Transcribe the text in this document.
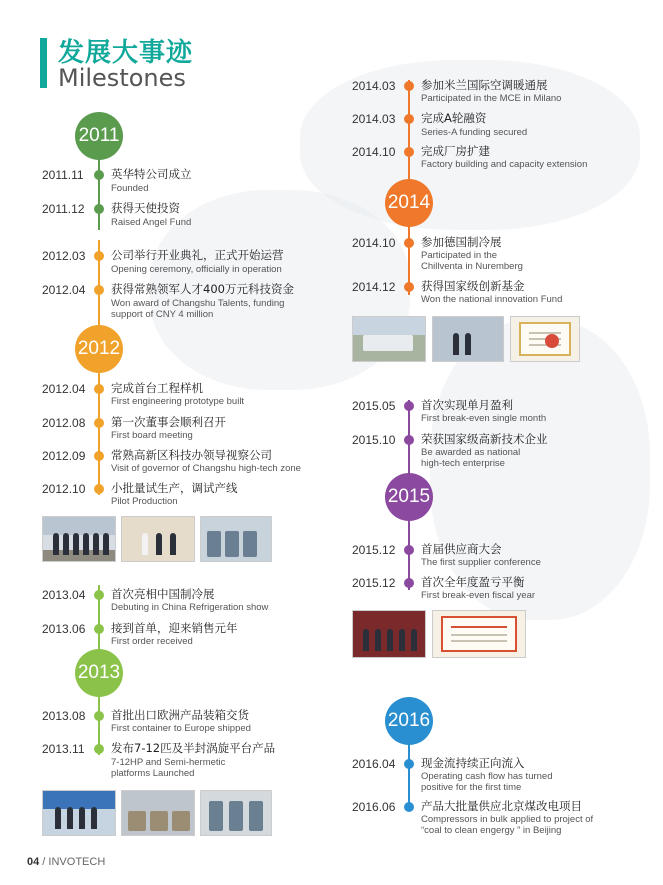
发展大事迹
Milestones
2011
2012
2013
2011.11 英华特公司成立
Founded
2011.12 获得天使投资
Raised Angel Fund
2012.03 公司举行开业典礼，正式开始运营
Opening ceremony, officially in operation
2012.04 获得常熟领军人才400万元科技资金
Won award of Changshu Talents, funding support of CNY 4 million
2012.04 完成首台工程样机
First engineering prototype built
2012.08 第一次董事会顺利召开
First board meeting
2012.09 常熟高新区科技办领导视察公司
Visit of governor of Changshu high-tech zone
2012.10 小批量试生产，调试产线
Pilot Production
2013.04 首次亮相中国制冷展
Debuting in China Refrigeration show
2013.06 接到首单，迎来销售元年
First order received
2013.08 首批出口欧洲产品装箱交货
First container to Europe shipped
2013.11 发布7-12匹及半封涡旋平台产品
7-12HP and Semi-hermetic platforms Launched
2014
2015
2016
2014.03 参加米兰国际空调暖通展
Participated in the MCE in Milano
2014.03 完成A轮融资
Series-A funding secured
2014.10 完成厂房扩建
Factory building and capacity extension
2014.10 参加德国制冷展
Participated in the Chillventa in Nuremberg
2014.12 获得国家级创新基金
Won the national innovation Fund
2015.05 首次实现单月盈利
First break-even single month
2015.10 荣获国家级高新技术企业
Be awarded as national high-tech enterprise
2015.12 首届供应商大会
The first supplier conference
2015.12 首次全年度盈亏平衡
First break-even fiscal year
2016.04 现金流持续正向流入
Operating cash flow has turned positive for the first time
2016.06 产品大批量供应北京煤改电项目
Compressors in bulk applied to project of “coal to clean engergy ” in Beijing
04 / INVOTECH
